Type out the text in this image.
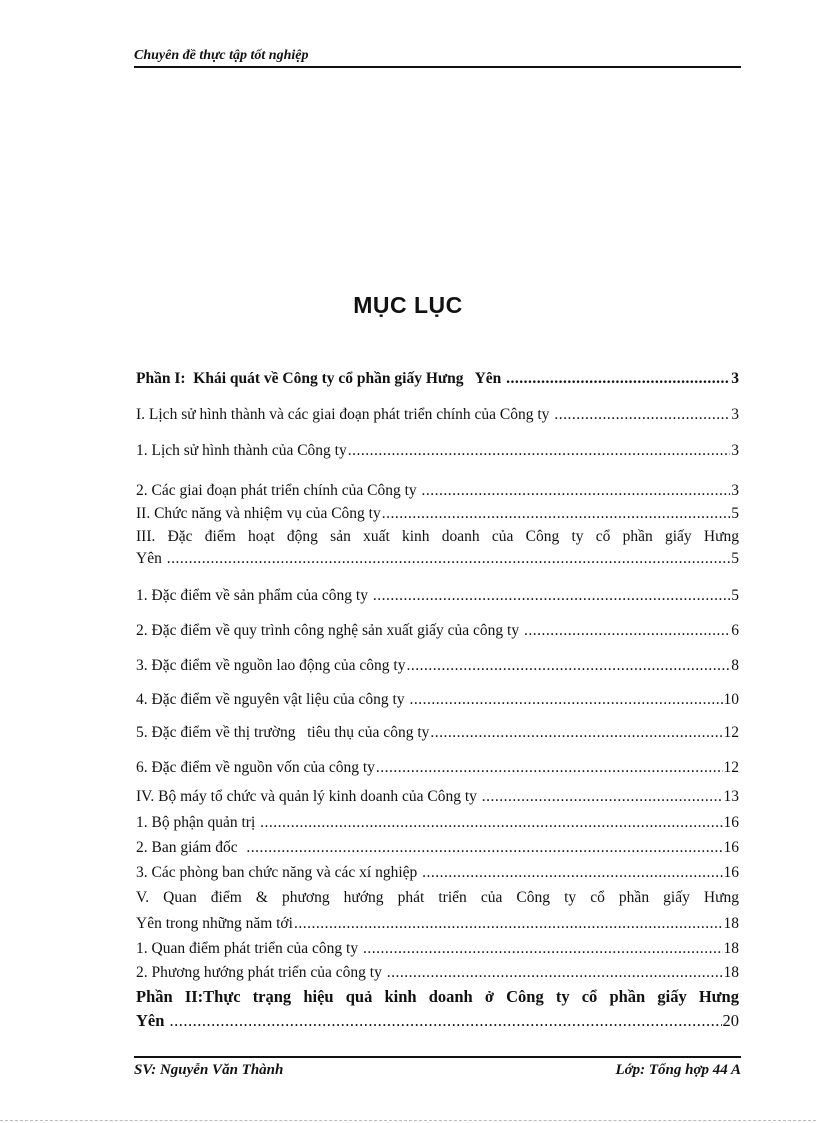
Chuyên đề thực tập tốt nghiệp
MỤC LỤC
Phần I:  Khái quát về Công ty cổ phần giấy Hưng   Yên .....	3
I. Lịch sử hình thành và các giai đoạn phát triển chính của Công ty .....	3
1. Lịch sử hình thành của Công ty .....	3
2. Các giai đoạn phát triển chính của Công ty .....	3
II. Chức năng và nhiệm vụ của Công ty .....	5
III. Đặc điểm hoạt động sản xuất kinh doanh của Công ty cổ phần giấy Hưng
Yên .....	5
1. Đặc điểm về sản phẩm của công ty .....	5
2. Đặc điểm về quy trình công nghệ sản xuất giấy của công ty .....	6
3. Đặc điểm về nguồn lao động của công ty .....	8
4. Đặc điểm về nguyên vật liệu của công ty .....	10
5. Đặc điểm về thị trường   tiêu thụ của công ty .....	12
6. Đặc điểm về nguồn vốn của công ty .....	12
IV. Bộ máy tổ chức và quản lý kinh doanh của Công ty .....	13
1. Bộ phận quản trị .....	16
2. Ban giám đốc .....	16
3. Các phòng ban chức năng và các xí nghiệp .....	16
V. Quan điểm & phương hướng phát triển của Công ty cổ phần giấy Hưng
Yên trong những năm tới .....	18
1. Quan điểm phát triển của công ty .....	18
2. Phương hướng phát triển của công ty .....	18
Phần II:Thực trạng hiệu quả kinh doanh ở Công ty cổ phần giấy Hưng
Yên .....	20
SV: Nguyễn Văn Thành	Lớp: Tổng hợp 44 A
